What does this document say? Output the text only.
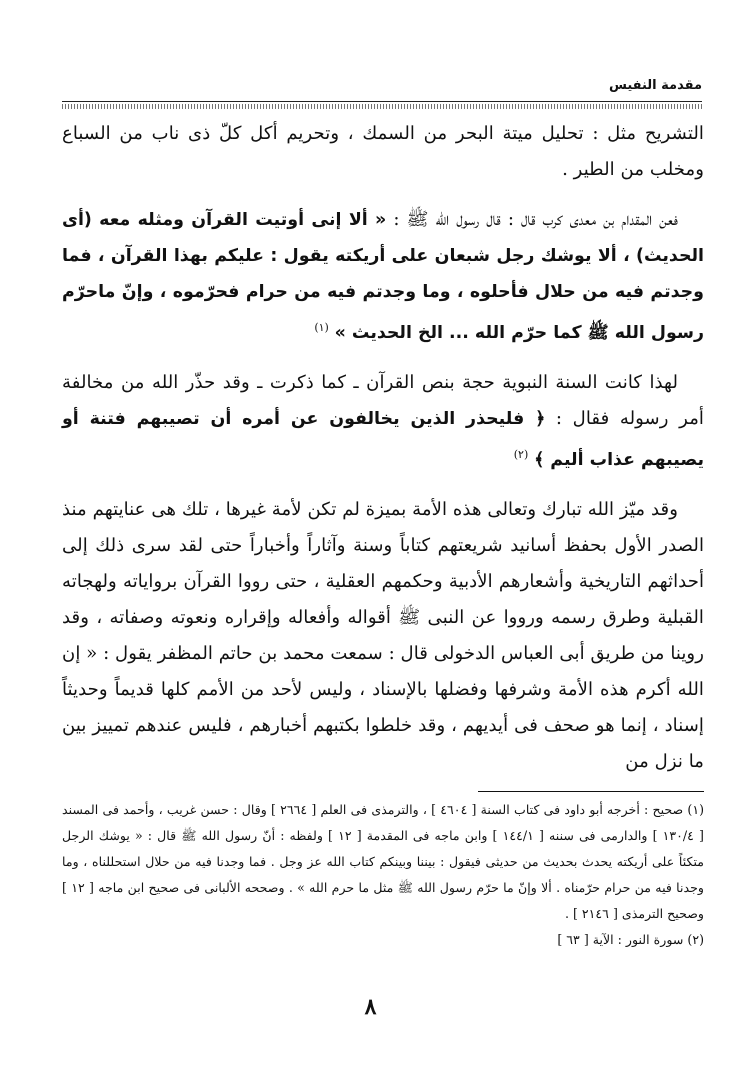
مقدمة النفيس

التشريح مثل : تحليل ميتة البحر من السمك ، وتحريم أكل كلّ ذى ناب من السباع ومخلب من الطير .

فعن المقدام بن معدى كرب قال : قال رسول الله ﷺ : « ألا إنى أوتيت القرآن ومثله معه (أى الحديث) ، ألا يوشك رجل شبعان على أريكته يقول : عليكم بهذا القرآن ، فما وجدتم فيه من حلال فأحلوه ، وما وجدتم فيه من حرام فحرّموه ، وإنّ ماحرّم رسول الله ﷺ كما حرّم الله ... الخ الحديث » $^{(١)}$

لهذا كانت السنة النبوية حجة بنص القرآن ـ كما ذكرت ـ وقد حذّر الله من مخالفة أمر رسوله فقال : ﴿ فليحذر الذين يخالفون عن أمره أن تصيبهم فتنة أو يصيبهم عذاب أليم ﴾ $^{(٢)}$

وقد ميّز الله تبارك وتعالى هذه الأمة بميزة لم تكن لأمة غيرها ، تلك هى عنايتهم منذ الصدر الأول بحفظ أسانيد شريعتهم كتاباً وسنة وآثاراً وأخباراً حتى لقد سرى ذلك إلى أحداثهم التاريخية وأشعارهم الأدبية وحكمهم العقلية ، حتى رووا القرآن برواياته ولهجاته القبلية وطرق رسمه ورووا عن النبى ﷺ أقواله وأفعاله وإقراره ونعوته وصفاته ، وقد روينا من طريق أبى العباس الدخولى قال : سمعت محمد بن حاتم المظفر يقول : « إن الله أكرم هذه الأمة وشرفها وفضلها بالإسناد ، وليس لأحد من الأمم كلها قديماً وحديثاً إسناد ، إنما هو صحف فى أيديهم ، وقد خلطوا بكتبهم أخبارهم ، فليس عندهم تمييز بين ما نزل من

(١) صحيح : أخرجه أبو داود فى كتاب السنة [ ٤٦٠٤ ] ، والترمذى فى العلم [ ٢٦٦٤ ] وقال : حسن غريب ، وأحمد فى المسند [ ١٣٠/٤ ] والدارمى فى سننه [ ١٤٤/١ ] وابن ماجه فى المقدمة [ ١٢ ] ولفظه : أنّ رسول الله ﷺ قال : « يوشك الرجل متكئاً على أريكته يحدث بحديث من حديثى فيقول : بيننا وبينكم كتاب الله عز وجل . فما وجدنا فيه من حلال استحللناه ، وما وجدنا فيه من حرام حرّمناه . ألا وإنّ ما حرّم رسول الله ﷺ مثل ما حرم الله » . وصححه الألبانى فى صحيح ابن ماجه [ ١٢ ] وصحيح الترمذى [ ٢١٤٦ ] .

(٢) سورة النور : الآية [ ٦٣ ]

٨
